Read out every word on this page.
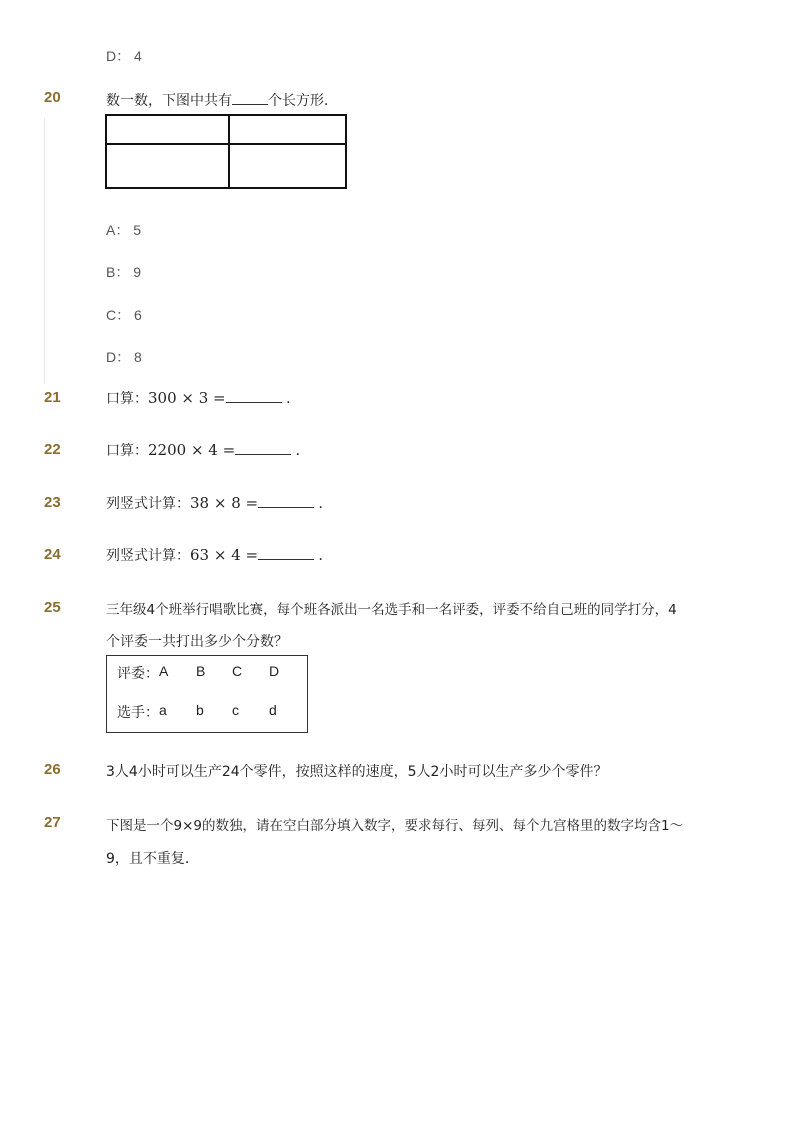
D： 4
20	数一数，下图中共有	个长方形．
A： 5
B： 9
C： 6
D： 8
21	口算：300 × 3 =	．
22	口算：2200 × 4 =	．
23	列竖式计算：38 × 8 =	．
24	列竖式计算：63 × 4 =	．
25	三年级4个班举行唱歌比赛，每个班各派出一名选手和一名评委，评委不给自己班的同学打分，4
个评委一共打出多少个分数？
评委： A B C D
选手： a b c d
26	3人4小时可以生产24个零件，按照这样的速度，5人2小时可以生产多少个零件？
27	下图是一个9×9的数独，请在空白部分填入数字，要求每行、每列、每个九宫格里的数字均含1～
9，且不重复．
